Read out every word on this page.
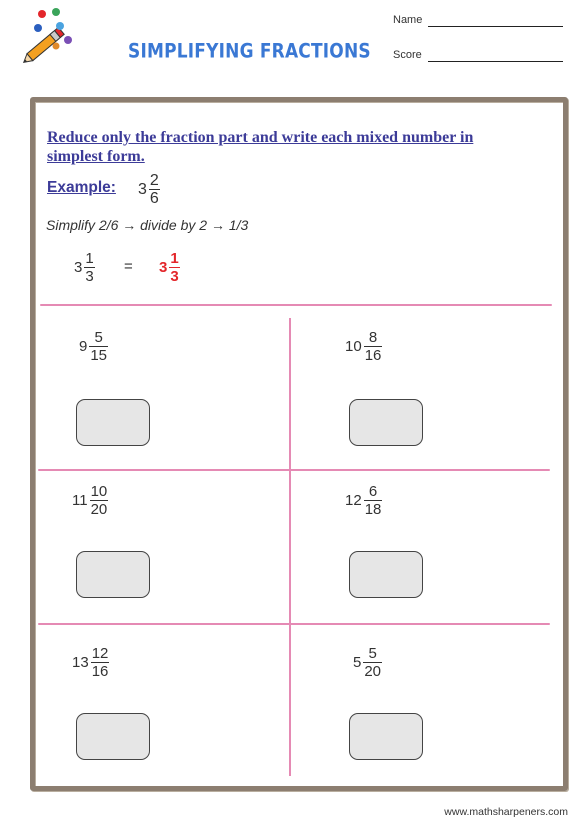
SIMPLIFYING FRACTIONS
Name
Score
Reduce only the fraction part and write each mixed number in simplest form.
Example: $3 \frac{2}{6}$
Simplify 2/6 → divide by 2 → 1/3
$3 \frac{1}{3} = 3 \frac{1}{3}$
$9 \frac{5}{15}$	$10 \frac{8}{16}$
$11 \frac{10}{20}$	$12 \frac{6}{18}$
$13 \frac{12}{16}$	$5 \frac{5}{20}$
www.mathsharpeners.com
